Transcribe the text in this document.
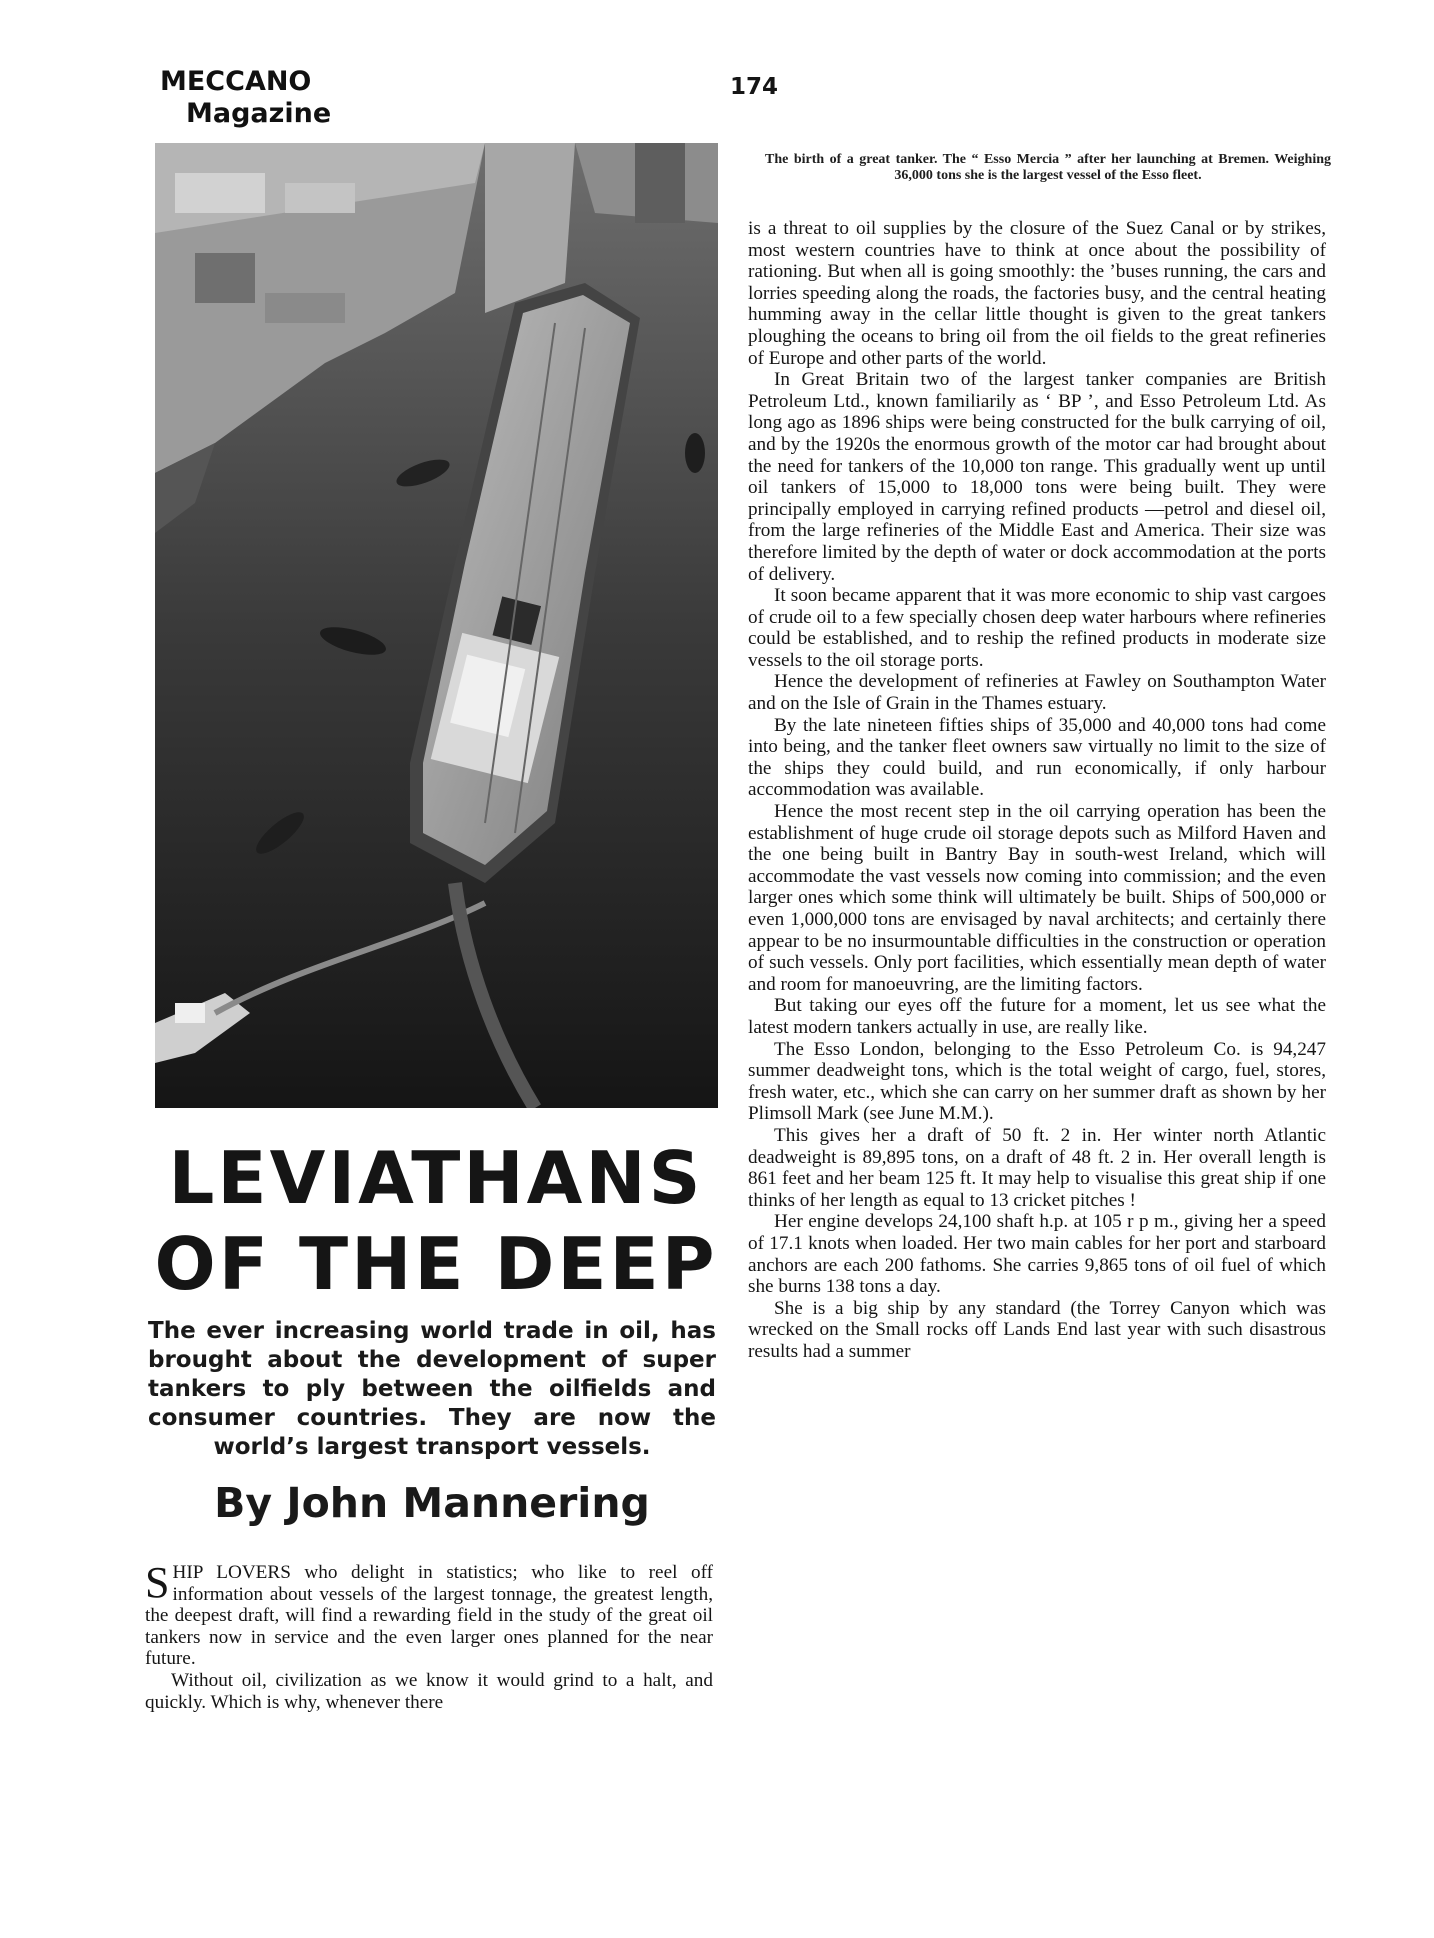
MECCANO

Magazine
174
LEVIATHANS
OF THE DEEP
The ever increasing world trade in oil, has brought about the development of super tankers to ply between the oilfields and consumer countries. They are now the world’s largest transport vessels.
By John Mannering

SHIP LOVERS who delight in statistics; who like to reel off information about vessels of the largest tonnage, the greatest length, the deepest draft, will find a rewarding field in the study of the great oil tankers now in service and the even larger ones planned for the near future.

Without oil, civilization as we know it would grind to a halt, and quickly. Which is why, whenever there

The birth of a great tanker. The “ Esso Mercia ” after her launching at Bremen. Weighing 36,000 tons she is the largest vessel of the Esso fleet.

is a threat to oil supplies by the closure of the Suez Canal or by strikes, most western countries have to think at once about the possibility of rationing. But when all is going smoothly: the ’buses running, the cars and lorries speeding along the roads, the factories busy, and the central heating humming away in the cellar little thought is given to the great tankers ploughing the oceans to bring oil from the oil fields to the great refineries of Europe and other parts of the world.

In Great Britain two of the largest tanker companies are British Petroleum Ltd., known familiarily as ‘ BP ’, and Esso Petroleum Ltd. As long ago as 1896 ships were being constructed for the bulk carrying of oil, and by the 1920s the enormous growth of the motor car had brought about the need for tankers of the 10,000 ton range. This gradually went up until oil tankers of 15,000 to 18,000 tons were being built. They were principally employed in carrying refined products —petrol and diesel oil, from the large refineries of the Middle East and America. Their size was therefore limited by the depth of water or dock accommodation at the ports of delivery.

It soon became apparent that it was more economic to ship vast cargoes of crude oil to a few specially chosen deep water harbours where refineries could be established, and to reship the refined products in moderate size vessels to the oil storage ports.

Hence the development of refineries at Fawley on Southampton Water and on the Isle of Grain in the Thames estuary.

By the late nineteen fifties ships of 35,000 and 40,000 tons had come into being, and the tanker fleet owners saw virtually no limit to the size of the ships they could build, and run economically, if only harbour accommodation was available.

Hence the most recent step in the oil carrying operation has been the establishment of huge crude oil storage depots such as Milford Haven and the one being built in Bantry Bay in south-west Ireland, which will accommodate the vast vessels now coming into commission; and the even larger ones which some think will ultimately be built. Ships of 500,000 or even 1,000,000 tons are envisaged by naval architects; and certainly there appear to be no insurmountable difficulties in the construction or operation of such vessels. Only port facilities, which essentially mean depth of water and room for manoeuvring, are the limiting factors.

But taking our eyes off the future for a moment, let us see what the latest modern tankers actually in use, are really like.

The Esso London, belonging to the Esso Petroleum Co. is 94,247 summer deadweight tons, which is the total weight of cargo, fuel, stores, fresh water, etc., which she can carry on her summer draft as shown by her Plimsoll Mark (see June M.M.).

This gives her a draft of 50 ft. 2 in. Her winter north Atlantic deadweight is 89,895 tons, on a draft of 48 ft. 2 in. Her overall length is 861 feet and her beam 125 ft. It may help to visualise this great ship if one thinks of her length as equal to 13 cricket pitches !

Her engine develops 24,100 shaft h.p. at 105 r p m., giving her a speed of 17.1 knots when loaded. Her two main cables for her port and starboard anchors are each 200 fathoms. She carries 9,865 tons of oil fuel of which she burns 138 tons a day.

She is a big ship by any standard (the Torrey Canyon which was wrecked on the Small rocks off Lands End last year with such disastrous results had a summer
